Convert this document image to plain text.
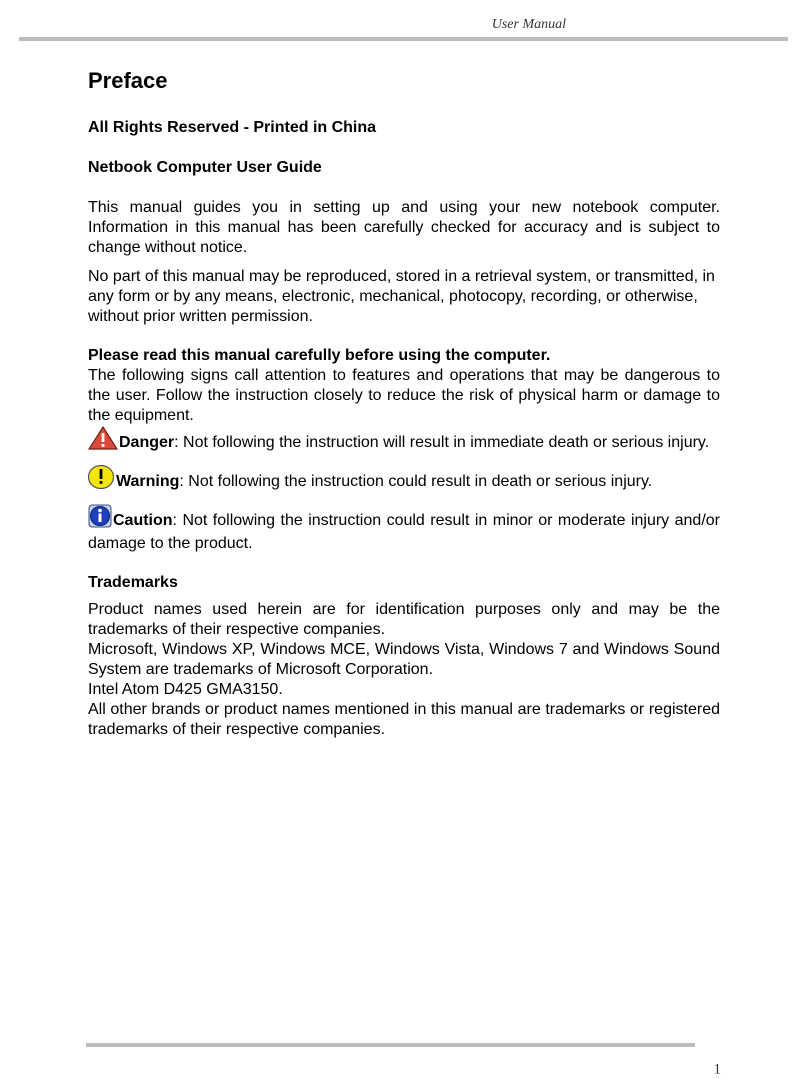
User Manual
Preface

All Rights Reserved - Printed in China

Netbook Computer User Guide

This manual guides you in setting up and using your new notebook computer. Information in this manual has been carefully checked for accuracy and is subject to change without notice.

No part of this manual may be reproduced, stored in a retrieval system, or transmitted, in any form or by any means, electronic, mechanical, photocopy, recording, or otherwise, without prior written permission.

Please read this manual carefully before using the computer.

The following signs call attention to features and operations that may be dangerous to the user. Follow the instruction closely to reduce the risk of physical harm or damage to the equipment.

Danger: Not following the instruction will result in immediate death or serious injury.

Warning: Not following the instruction could result in death or serious injury.

Caution: Not following the instruction could result in minor or moderate injury and/or damage to the product.

Trademarks

Product names used herein are for identification purposes only and may be the trademarks of their respective companies.

Microsoft, Windows XP, Windows MCE, Windows Vista, Windows 7 and Windows Sound System are trademarks of Microsoft Corporation.

Intel Atom D425 GMA3150.

All other brands or product names mentioned in this manual are trademarks or registered trademarks of their respective companies.

1
